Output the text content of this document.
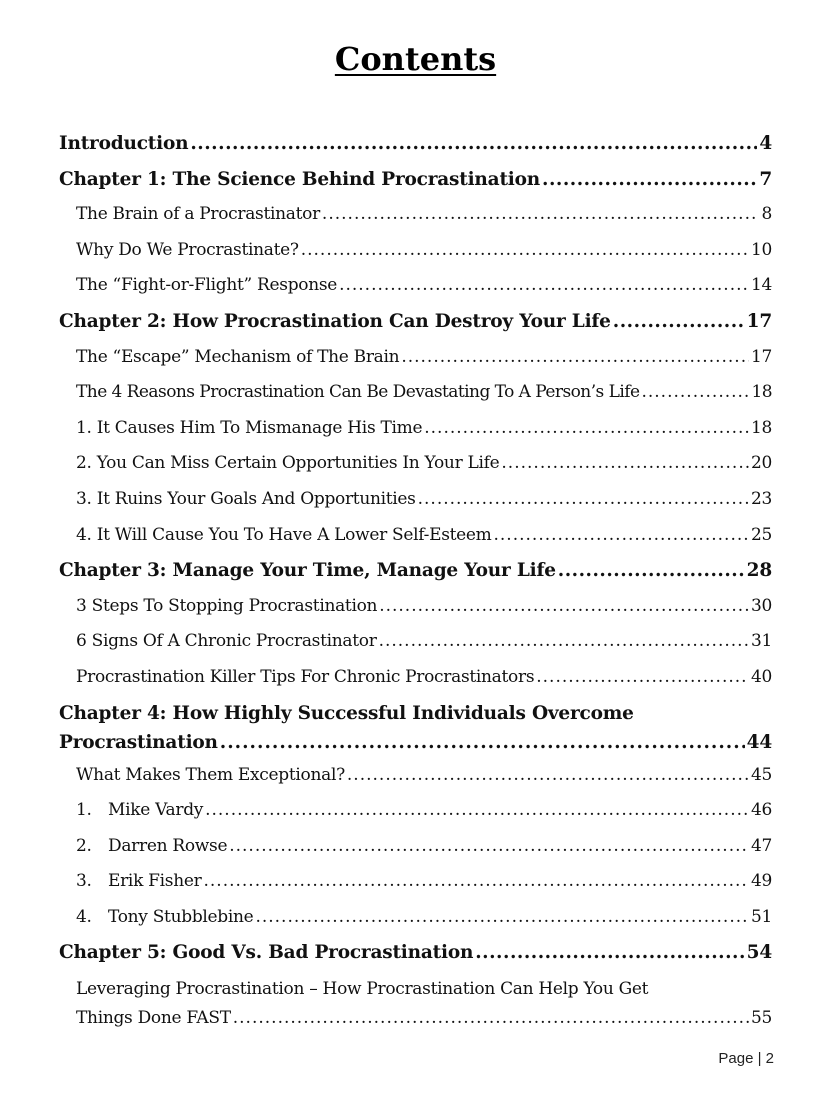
Contents
Introduction .....	4
Chapter 1: The Science Behind Procrastination .....	7
The Brain of a Procrastinator .....	8
Why Do We Procrastinate? .....	10
The “Fight-or-Flight” Response .....	14
Chapter 2: How Procrastination Can Destroy Your Life .....	17
The “Escape” Mechanism of The Brain .....	17
The 4 Reasons Procrastination Can Be Devastating To A Person’s Life .....	18
1. It Causes Him To Mismanage His Time .....	18
2. You Can Miss Certain Opportunities In Your Life .....	20
3. It Ruins Your Goals And Opportunities .....	23
4. It Will Cause You To Have A Lower Self-Esteem .....	25
Chapter 3: Manage Your Time, Manage Your Life .....	28
3 Steps To Stopping Procrastination .....	30
6 Signs Of A Chronic Procrastinator .....	31
Procrastination Killer Tips For Chronic Procrastinators .....	40
Chapter 4: How Highly Successful Individuals Overcome
Procrastination .....	44
What Makes Them Exceptional? .....	45
1. Mike Vardy .....	46
2. Darren Rowse .....	47
3. Erik Fisher .....	49
4. Tony Stubblebine .....	51
Chapter 5: Good Vs. Bad Procrastination .....	54
Leveraging Procrastination – How Procrastination Can Help You Get
Things Done FAST .....	55
Page | 2
